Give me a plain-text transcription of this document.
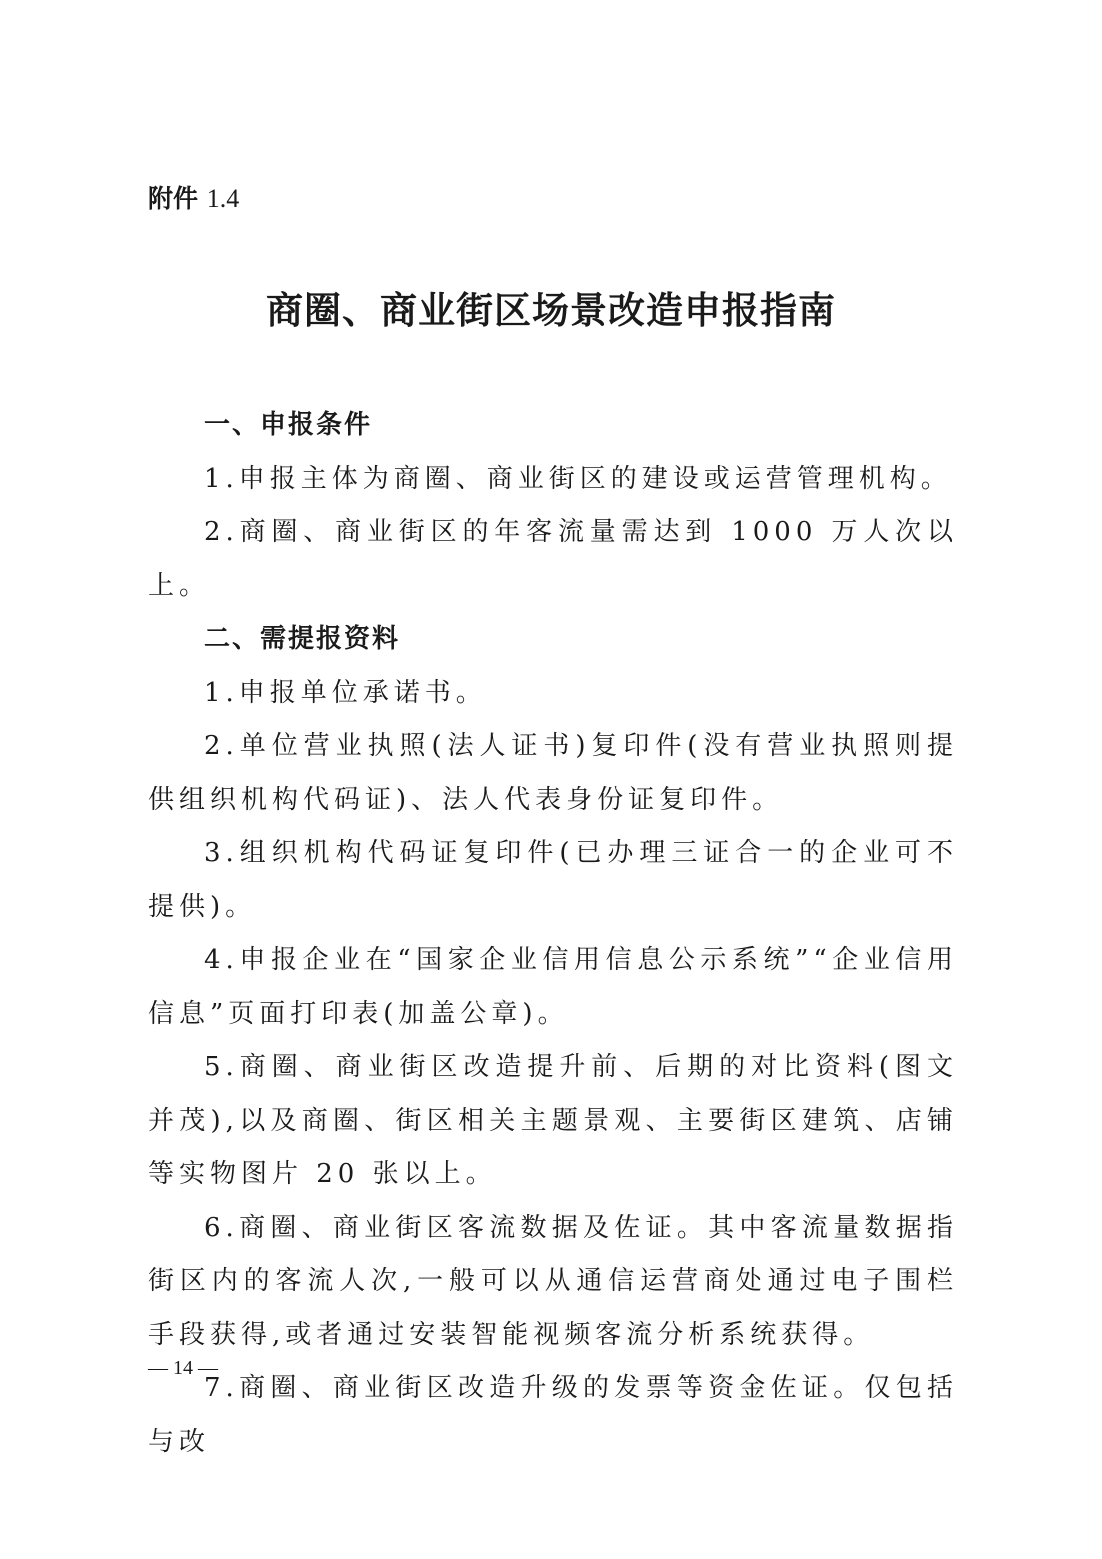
附件 1.4
商圈、商业街区场景改造申报指南
一、申报条件

1.申报主体为商圈、商业街区的建设或运营管理机构。

2.商圈、商业街区的年客流量需达到 1000 万人次以上。

二、需提报资料

1.申报单位承诺书。

2.单位营业执照(法人证书)复印件(没有营业执照则提供组织机构代码证)、法人代表身份证复印件。

3.组织机构代码证复印件(已办理三证合一的企业可不提供)。

4.申报企业在“国家企业信用信息公示系统”“企业信用信息”页面打印表(加盖公章)。

5.商圈、商业街区改造提升前、后期的对比资料(图文并茂),以及商圈、街区相关主题景观、主要街区建筑、店铺等实物图片 20 张以上。

6.商圈、商业街区客流数据及佐证。其中客流量数据指街区内的客流人次,一般可以从通信运营商处通过电子围栏手段获得,或者通过安装智能视频客流分析系统获得。

7.商圈、商业街区改造升级的发票等资金佐证。仅包括与改

— 14 —
